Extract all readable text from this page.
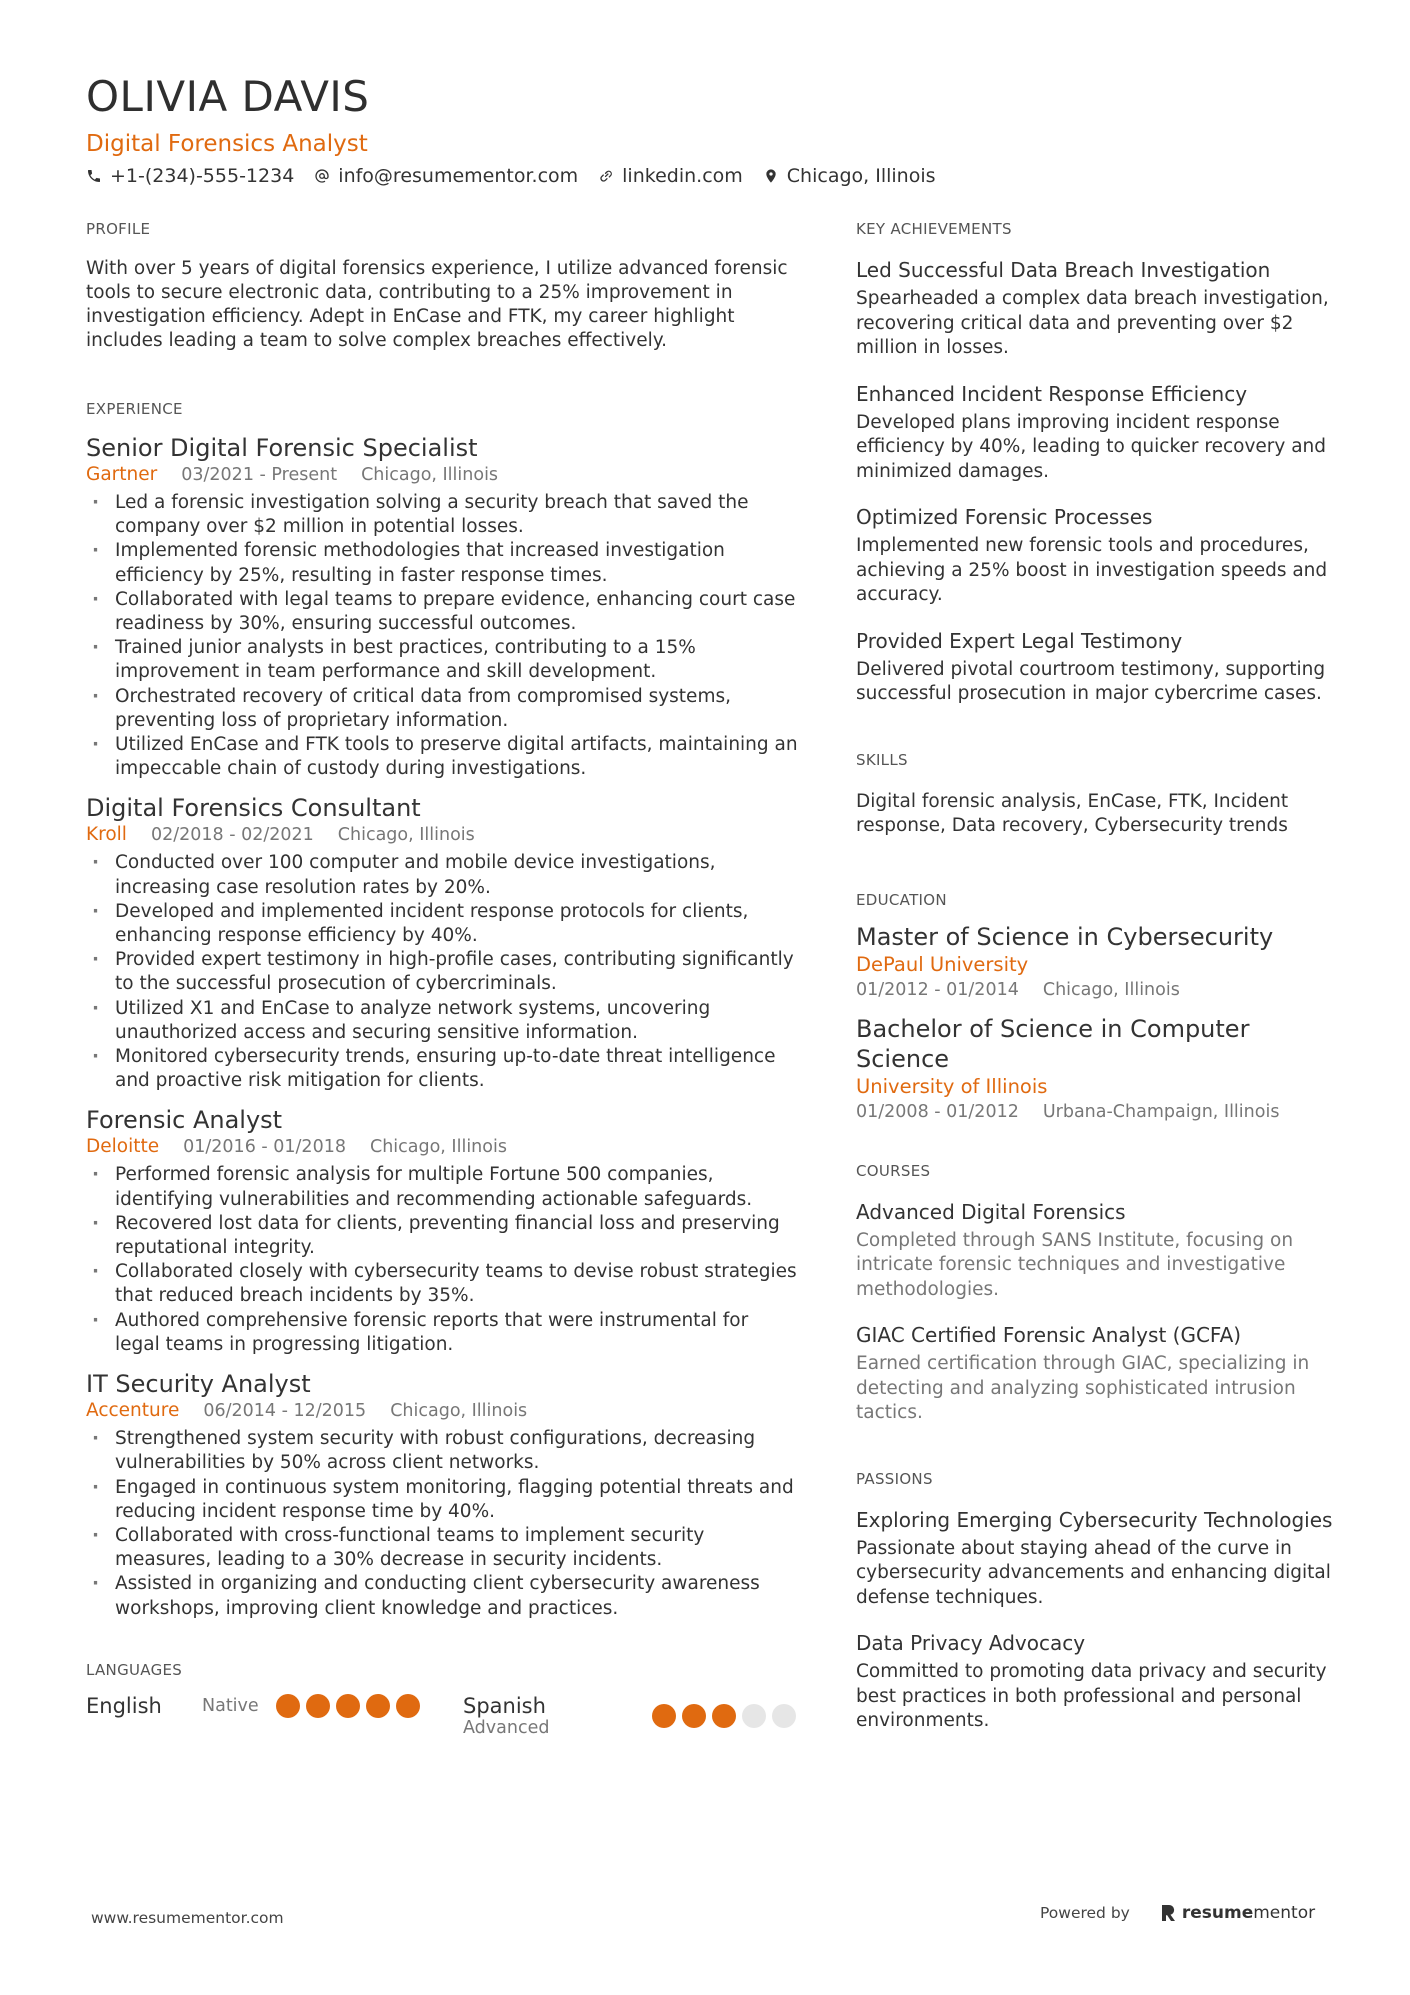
OLIVIA DAVIS
Digital Forensics Analyst
+1-(234)-555-1234 info@resumementor.com linkedin.com Chicago, Illinois
PROFILE
With over 5 years of digital forensics experience, I utilize advanced forensic tools to secure electronic data, contributing to a 25% improvement in investigation efficiency. Adept in EnCase and FTK, my career highlight includes leading a team to solve complex breaches effectively.
EXPERIENCE
Senior Digital Forensic Specialist
Gartner 03/2021 - Present Chicago, Illinois
· Led a forensic investigation solving a security breach that saved the company over $2 million in potential losses.
· Implemented forensic methodologies that increased investigation efficiency by 25%, resulting in faster response times.
· Collaborated with legal teams to prepare evidence, enhancing court case readiness by 30%, ensuring successful outcomes.
· Trained junior analysts in best practices, contributing to a 15% improvement in team performance and skill development.
· Orchestrated recovery of critical data from compromised systems, preventing loss of proprietary information.
· Utilized EnCase and FTK tools to preserve digital artifacts, maintaining an impeccable chain of custody during investigations.
Digital Forensics Consultant
Kroll 02/2018 - 02/2021 Chicago, Illinois
· Conducted over 100 computer and mobile device investigations, increasing case resolution rates by 20%.
· Developed and implemented incident response protocols for clients, enhancing response efficiency by 40%.
· Provided expert testimony in high-profile cases, contributing significantly to the successful prosecution of cybercriminals.
· Utilized X1 and EnCase to analyze network systems, uncovering unauthorized access and securing sensitive information.
· Monitored cybersecurity trends, ensuring up-to-date threat intelligence and proactive risk mitigation for clients.
Forensic Analyst
Deloitte 01/2016 - 01/2018 Chicago, Illinois
· Performed forensic analysis for multiple Fortune 500 companies, identifying vulnerabilities and recommending actionable safeguards.
· Recovered lost data for clients, preventing financial loss and preserving reputational integrity.
· Collaborated closely with cybersecurity teams to devise robust strategies that reduced breach incidents by 35%.
· Authored comprehensive forensic reports that were instrumental for legal teams in progressing litigation.
IT Security Analyst
Accenture 06/2014 - 12/2015 Chicago, Illinois
· Strengthened system security with robust configurations, decreasing vulnerabilities by 50% across client networks.
· Engaged in continuous system monitoring, flagging potential threats and reducing incident response time by 40%.
· Collaborated with cross-functional teams to implement security measures, leading to a 30% decrease in security incidents.
· Assisted in organizing and conducting client cybersecurity awareness workshops, improving client knowledge and practices.
LANGUAGES
English Native	Spanish
Advanced
KEY ACHIEVEMENTS
Led Successful Data Breach Investigation
Spearheaded a complex data breach investigation, recovering critical data and preventing over $2 million in losses.
Enhanced Incident Response Efficiency
Developed plans improving incident response efficiency by 40%, leading to quicker recovery and minimized damages.
Optimized Forensic Processes
Implemented new forensic tools and procedures, achieving a 25% boost in investigation speeds and accuracy.
Provided Expert Legal Testimony
Delivered pivotal courtroom testimony, supporting successful prosecution in major cybercrime cases.
SKILLS
Digital forensic analysis, EnCase, FTK, Incident response, Data recovery, Cybersecurity trends
EDUCATION
Master of Science in Cybersecurity
DePaul University
01/2012 - 01/2014 Chicago, Illinois
Bachelor of Science in Computer Science
University of Illinois
01/2008 - 01/2012 Urbana-Champaign, Illinois
COURSES
Advanced Digital Forensics
Completed through SANS Institute, focusing on intricate forensic techniques and investigative methodologies.
GIAC Certified Forensic Analyst (GCFA)
Earned certification through GIAC, specializing in detecting and analyzing sophisticated intrusion tactics.
PASSIONS
Exploring Emerging Cybersecurity Technologies
Passionate about staying ahead of the curve in cybersecurity advancements and enhancing digital defense techniques.
Data Privacy Advocacy
Committed to promoting data privacy and security best practices in both professional and personal environments.
www.resumementor.com	Powered by	resume mentor
